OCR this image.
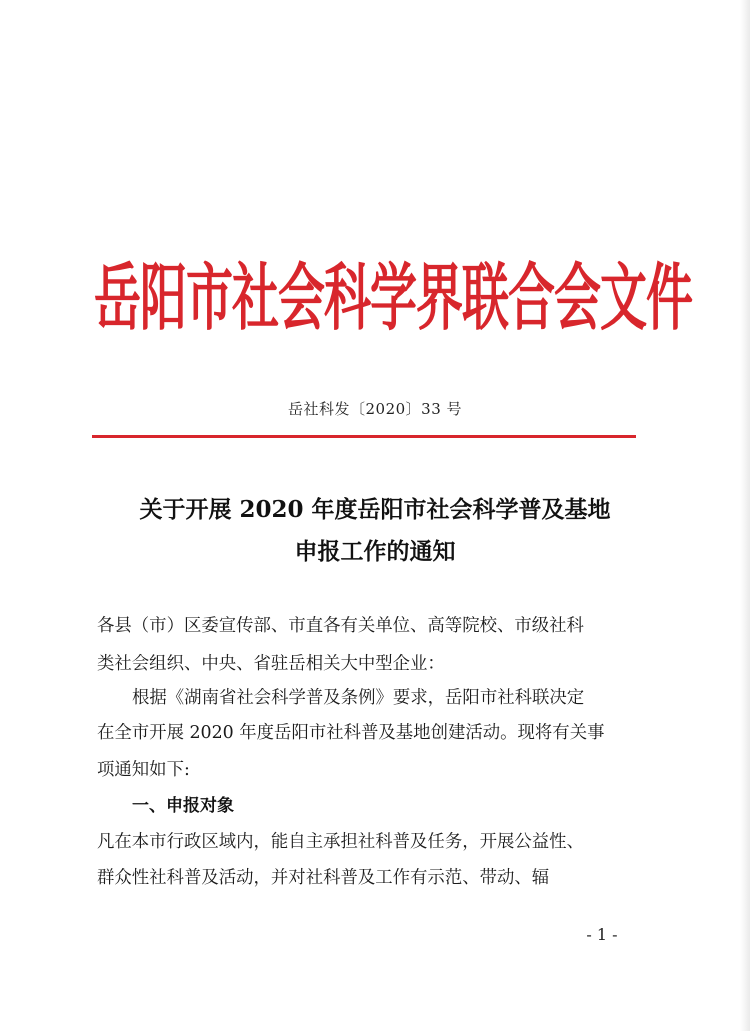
岳阳市社会科学界联合会文件
岳社科发〔2020〕33 号
关于开展 2020 年度岳阳市社会科学普及基地
申报工作的通知
各县（市）区委宣传部、市直各有关单位、高等院校、市级社科
类社会组织、中央、省驻岳相关大中型企业：
根据《湖南省社会科学普及条例》要求，岳阳市社科联决定
在全市开展 2020 年度岳阳市社科普及基地创建活动。现将有关事
项通知如下:
一、申报对象
凡在本市行政区域内，能自主承担社科普及任务，开展公益性、
群众性社科普及活动，并对社科普及工作有示范、带动、辐
- 1 -
